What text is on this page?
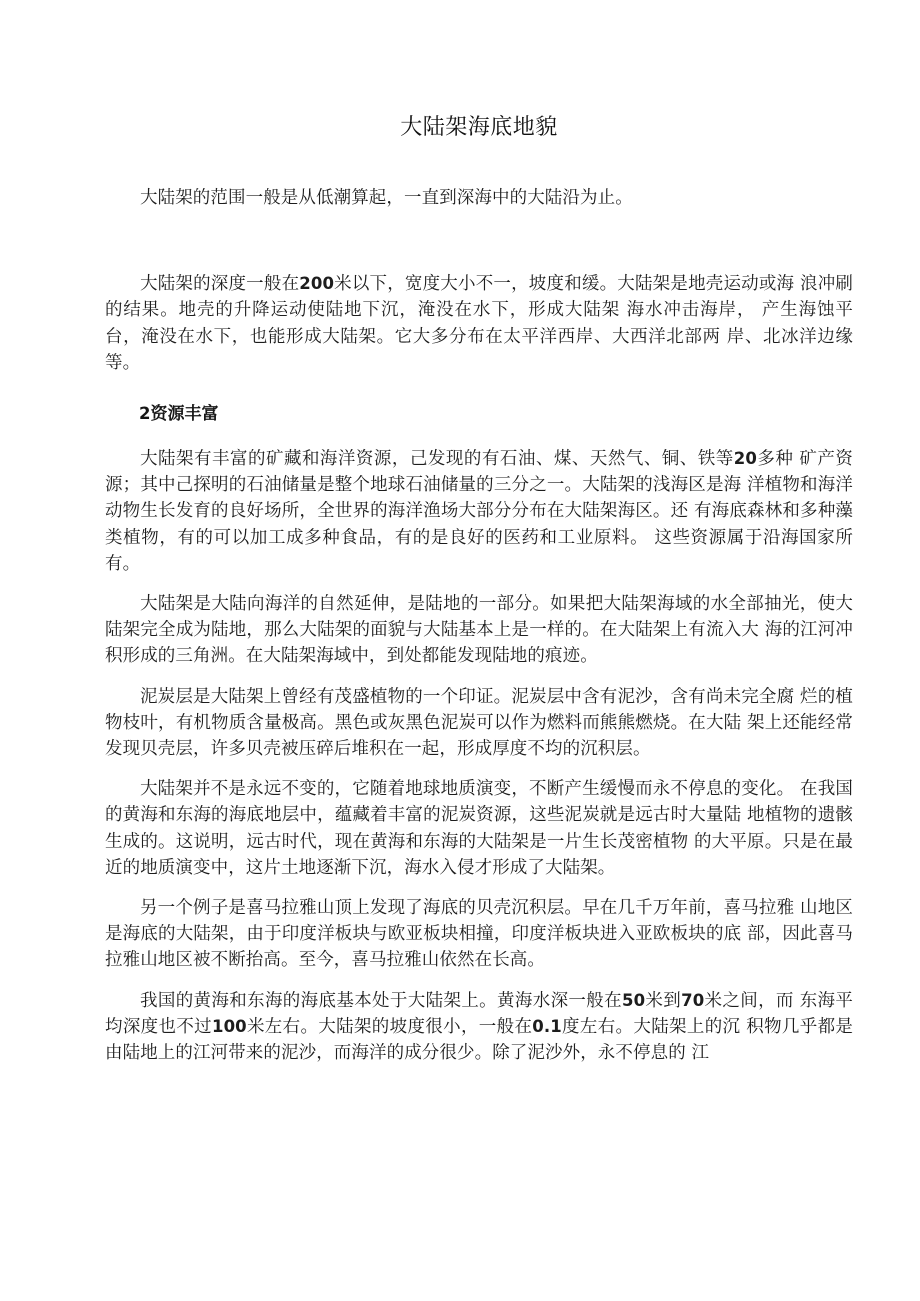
大陆架海底地貌

大陆架的范围一般是从低潮算起，一直到深海中的大陆沿为止。

大陆架的深度一般在200米以下，宽度大小不一，坡度和缓。大陆架是地壳运动或海 浪冲刷的结果。地壳的升降运动使陆地下沉，淹没在水下，形成大陆架 海水冲击海岸， 产生海蚀平台，淹没在水下，也能形成大陆架。它大多分布在太平洋西岸、大西洋北部两 岸、北冰洋边缘等。

2资源丰富

大陆架有丰富的矿藏和海洋资源，己发现的有石油、煤、天然气、铜、铁等20多种 矿产资源；其中己探明的石油储量是整个地球石油储量的三分之一。大陆架的浅海区是海 洋植物和海洋动物生长发育的良好场所，全世界的海洋渔场大部分分布在大陆架海区。还 有海底森林和多种藻类植物，有的可以加工成多种食品，有的是良好的医药和工业原料。 这些资源属于沿海国家所有。

大陆架是大陆向海洋的自然延伸，是陆地的一部分。如果把大陆架海域的水全部抽光，使大陆架完全成为陆地，那么大陆架的面貌与大陆基本上是一样的。在大陆架上有流入大 海的江河冲积形成的三角洲。在大陆架海域中，到处都能发现陆地的痕迹。

泥炭层是大陆架上曾经有茂盛植物的一个印证。泥炭层中含有泥沙，含有尚未完全腐 烂的植物枝叶，有机物质含量极高。黑色或灰黑色泥炭可以作为燃料而熊熊燃烧。在大陆 架上还能经常发现贝壳层，许多贝壳被压碎后堆积在一起，形成厚度不均的沉积层。

大陆架并不是永远不变的，它随着地球地质演变，不断产生缓慢而永不停息的变化。 在我国的黄海和东海的海底地层中，蕴藏着丰富的泥炭资源，这些泥炭就是远古时大量陆 地植物的遗骸生成的。这说明，远古时代，现在黄海和东海的大陆架是一片生长茂密植物 的大平原。只是在最近的地质演变中，这片土地逐渐下沉，海水入侵才形成了大陆架。

另一个例子是喜马拉雅山顶上发现了海底的贝壳沉积层。早在几千万年前，喜马拉雅 山地区是海底的大陆架，由于印度洋板块与欧亚板块相撞，印度洋板块进入亚欧板块的底 部，因此喜马拉雅山地区被不断抬高。至今，喜马拉雅山依然在长高。

我国的黄海和东海的海底基本处于大陆架上。黄海水深一般在50米到70米之间，而 东海平均深度也不过100米左右。大陆架的坡度很小，一般在0.1度左右。大陆架上的沉 积物几乎都是由陆地上的江河带来的泥沙，而海洋的成分很少。除了泥沙外，永不停息的 江
